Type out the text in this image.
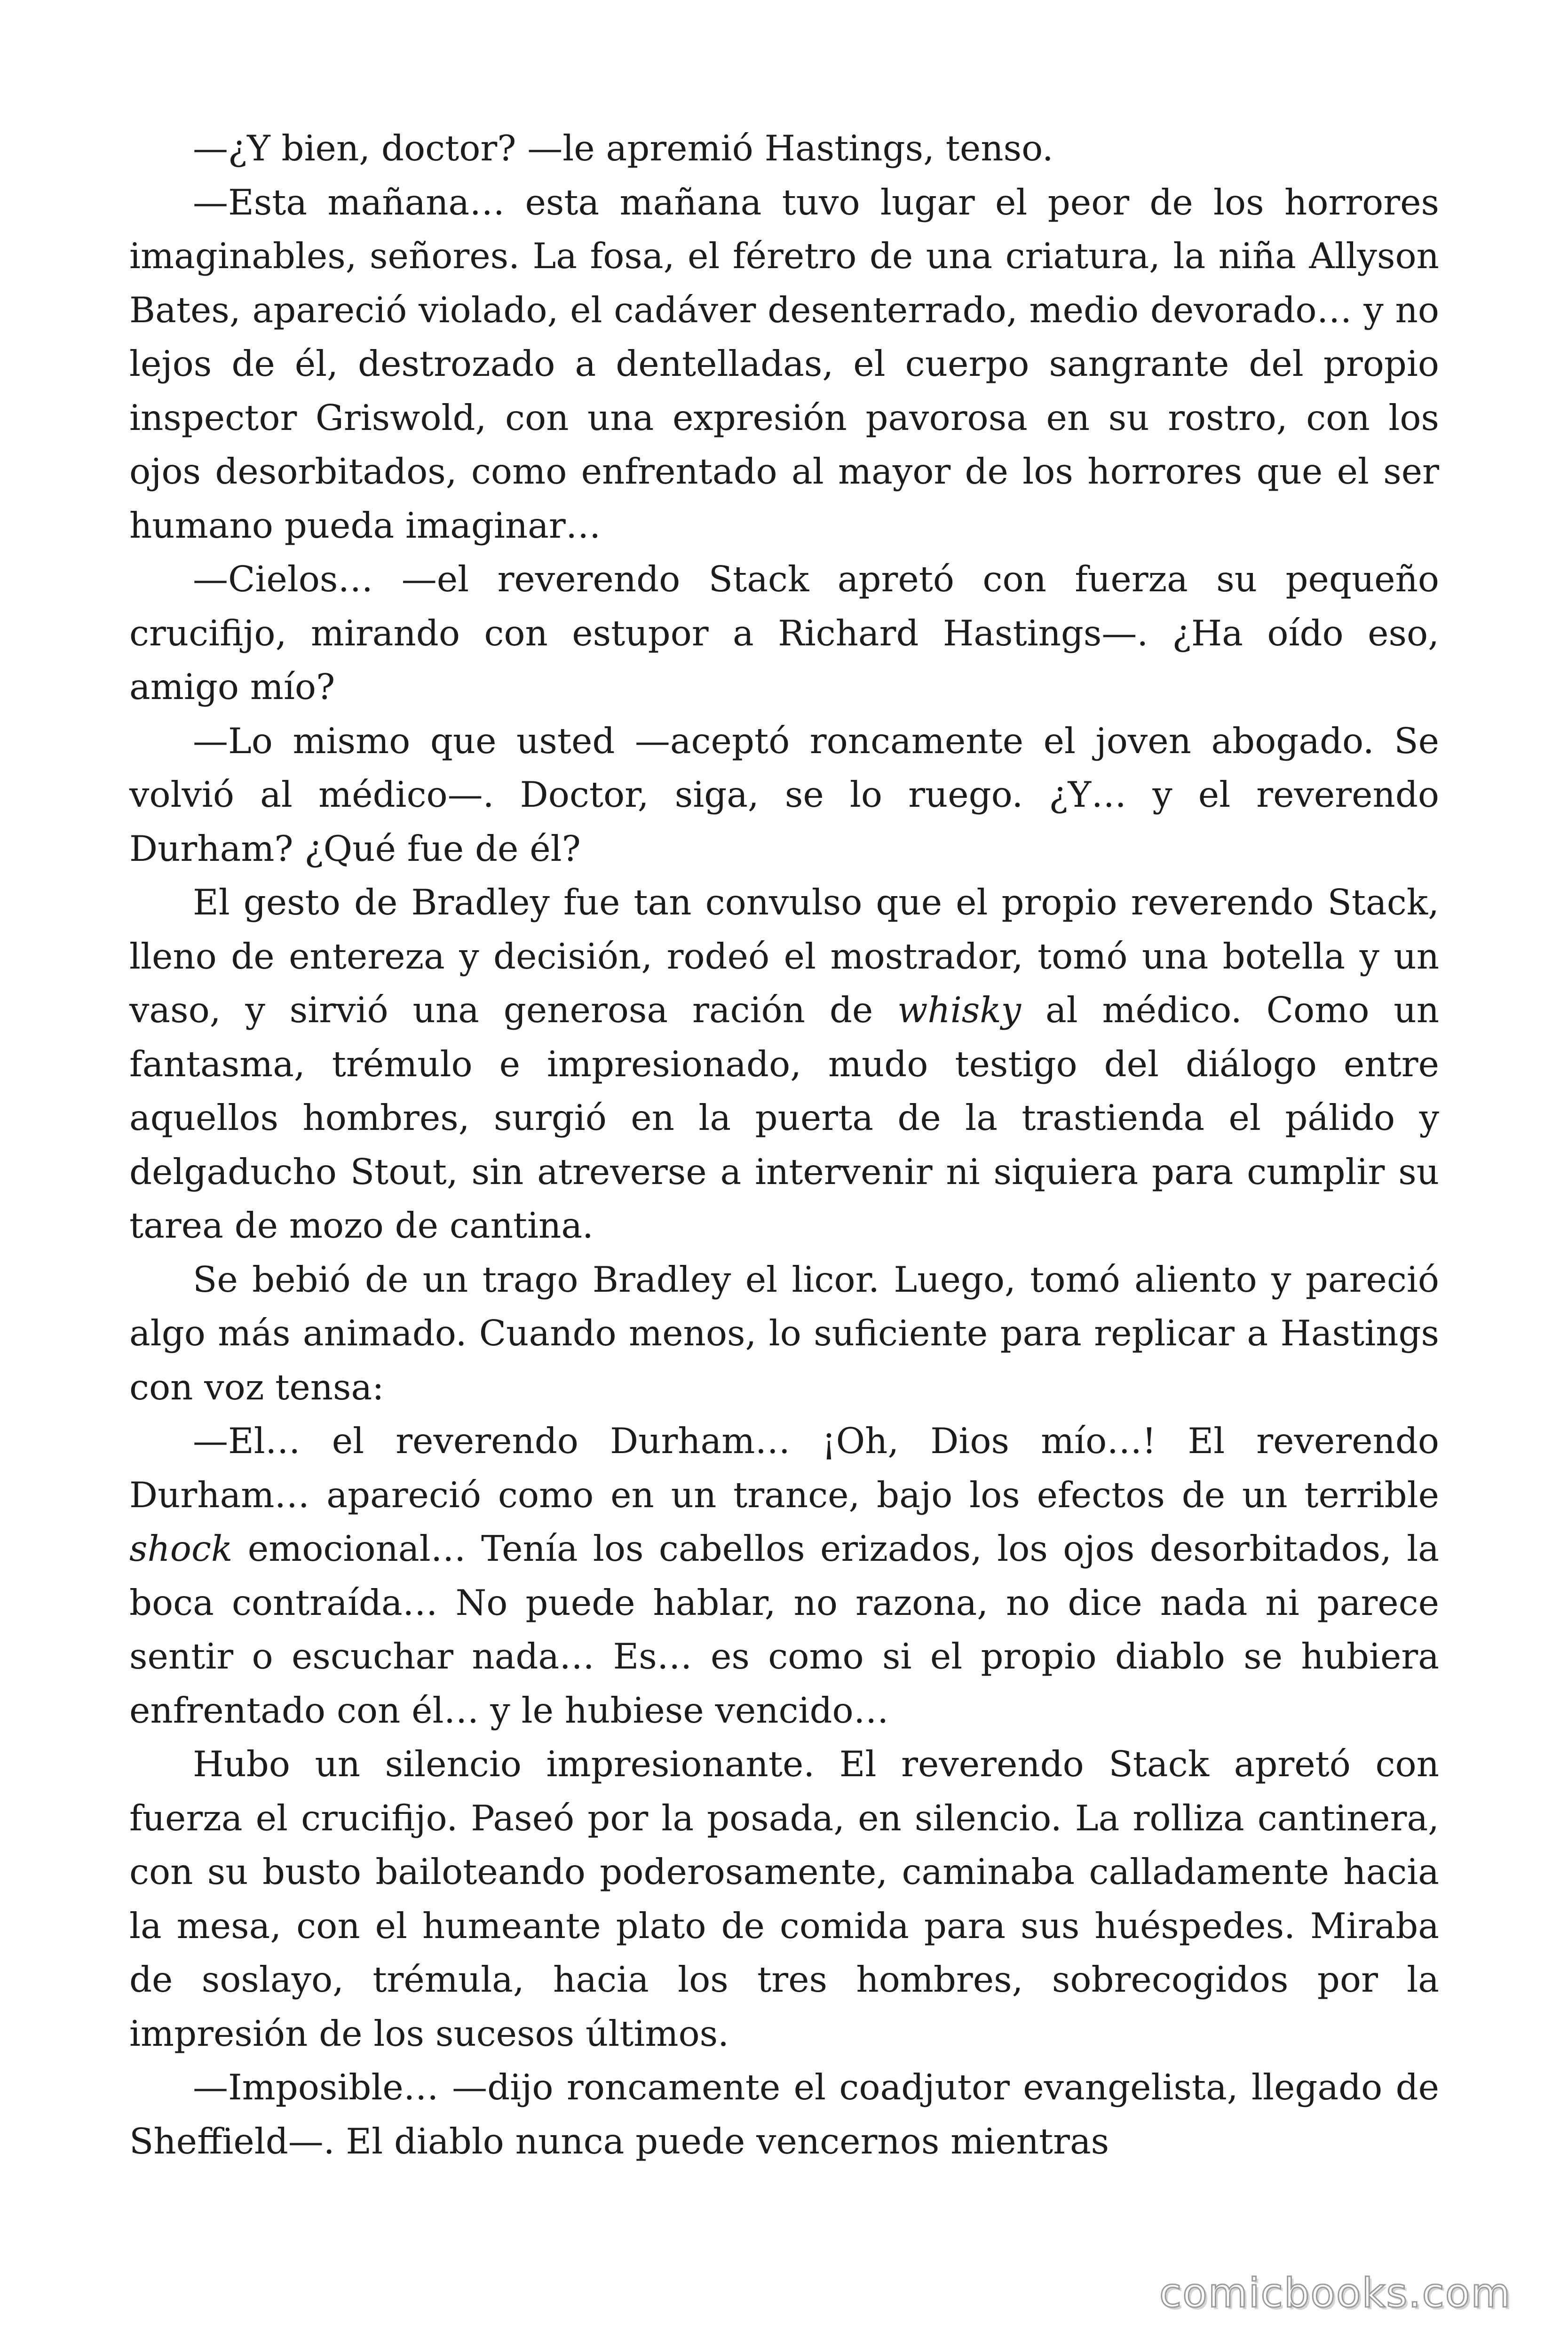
—¿Y bien, doctor? —le apremió Hastings, tenso.

—Esta mañana… esta mañana tuvo lugar el peor de los horrores imaginables, señores. La fosa, el féretro de una criatura, la niña Allyson Bates, apareció violado, el cadáver desenterrado, medio devorado… y no lejos de él, destrozado a dentelladas, el cuerpo sangrante del propio inspector Griswold, con una expresión pavorosa en su rostro, con los ojos desorbitados, como enfrentado al mayor de los horrores que el ser humano pueda imaginar…

—Cielos… —el reverendo Stack apretó con fuerza su pequeño crucifijo, mirando con estupor a Richard Hastings—. ¿Ha oído eso, amigo mío?

—Lo mismo que usted —aceptó roncamente el joven abogado. Se volvió al médico—. Doctor, siga, se lo ruego. ¿Y… y el reverendo Durham? ¿Qué fue de él?

El gesto de Bradley fue tan convulso que el propio reverendo Stack, lleno de entereza y decisión, rodeó el mostrador, tomó una botella y un vaso, y sirvió una generosa ración de whisky al médico. Como un fantasma, trémulo e impresionado, mudo testigo del diálogo entre aquellos hombres, surgió en la puerta de la trastienda el pálido y delgaducho Stout, sin atreverse a intervenir ni siquiera para cumplir su tarea de mozo de cantina.

Se bebió de un trago Bradley el licor. Luego, tomó aliento y pareció algo más animado. Cuando menos, lo suficiente para replicar a Hastings con voz tensa:

—El… el reverendo Durham… ¡Oh, Dios mío…! El reverendo Durham… apareció como en un trance, bajo los efectos de un terrible shock emocional… Tenía los cabellos erizados, los ojos desorbitados, la boca contraída… No puede hablar, no razona, no dice nada ni parece sentir o escuchar nada… Es… es como si el propio diablo se hubiera enfrentado con él… y le hubiese vencido…

Hubo un silencio impresionante. El reverendo Stack apretó con fuerza el crucifijo. Paseó por la posada, en silencio. La rolliza cantinera, con su busto bailoteando poderosamente, caminaba calladamente hacia la mesa, con el humeante plato de comida para sus huéspedes. Miraba de soslayo, trémula, hacia los tres hombres, sobrecogidos por la impresión de los sucesos últimos.

—Imposible… —dijo roncamente el coadjutor evangelista, llegado de Sheffield—. El diablo nunca puede vencernos mientras

comicbooks.com
